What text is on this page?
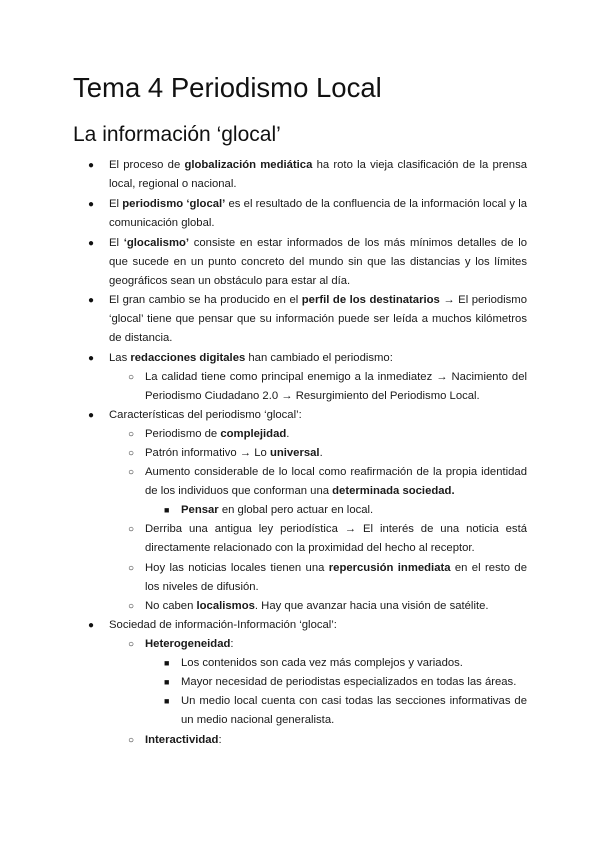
Tema 4 Periodismo Local
La información ‘glocal’
● El proceso de globalización mediática ha roto la vieja clasificación de la prensa local, regional o nacional.
● El periodismo ‘glocal’ es el resultado de la confluencia de la información local y la comunicación global.
● El ‘glocalismo’ consiste en estar informados de los más mínimos detalles de lo que sucede en un punto concreto del mundo sin que las distancias y los límites geográficos sean un obstáculo para estar al día.
● El gran cambio se ha producido en el perfil de los destinatarios → El periodismo ‘glocal’ tiene que pensar que su información puede ser leída a muchos kilómetros de distancia.
● Las redacciones digitales han cambiado el periodismo:
○ La calidad tiene como principal enemigo a la inmediatez → Nacimiento del Periodismo Ciudadano 2.0 → Resurgimiento del Periodismo Local.
● Características del periodismo ‘glocal’:
○ Periodismo de complejidad.
○ Patrón informativo → Lo universal.
○ Aumento considerable de lo local como reafirmación de la propia identidad de los individuos que conforman una determinada sociedad.
■ Pensar en global pero actuar en local.
○ Derriba una antigua ley periodística → El interés de una noticia está directamente relacionado con la proximidad del hecho al receptor.
○ Hoy las noticias locales tienen una repercusión inmediata en el resto de los niveles de difusión.
○ No caben localismos. Hay que avanzar hacia una visión de satélite.
● Sociedad de información-Información ‘glocal’:
○ Heterogeneidad:
■ Los contenidos son cada vez más complejos y variados.
■ Mayor necesidad de periodistas especializados en todas las áreas.
■ Un medio local cuenta con casi todas las secciones informativas de un medio nacional generalista.
○ Interactividad:
